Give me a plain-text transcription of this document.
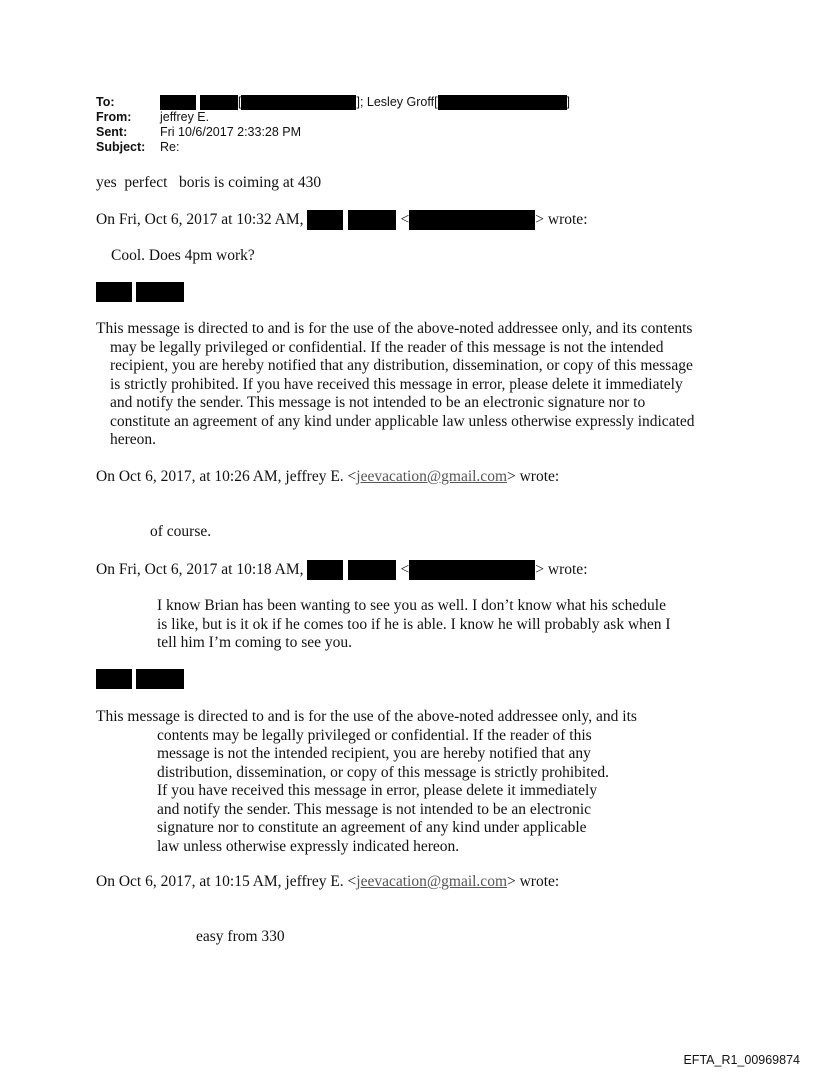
To:	[	]; Lesley Groff[	]
From:	jeffrey E.
Sent:	Fri 10/6/2017 2:33:28 PM
Subject:	Re:
yes  perfect   boris is coiming at 430
On Fri, Oct 6, 2017 at 10:32 AM,	<	> wrote:
Cool. Does 4pm work?
This message is directed to and is for the use of the above-noted addressee only, and its contents
may be legally privileged or confidential. If the reader of this message is not the intended recipient, you are hereby notified that any distribution, dissemination, or copy of this message is strictly prohibited. If you have received this message in error, please delete it immediately and notify the sender. This message is not intended to be an electronic signature nor to constitute an agreement of any kind under applicable law unless otherwise expressly indicated hereon.
On Oct 6, 2017, at 10:26 AM, jeffrey E. <jeevacation@gmail.com> wrote:
of course.
On Fri, Oct 6, 2017 at 10:18 AM,	<	> wrote:
I know Brian has been wanting to see you as well. I don’t know what his schedule is like, but is it ok if he comes too if he is able. I know he will probably ask when I tell him I’m coming to see you.
This message is directed to and is for the use of the above-noted addressee only, and its
contents may be legally privileged or confidential. If the reader of this message is not the intended recipient, you are hereby notified that any distribution, dissemination, or copy of this message is strictly prohibited. If you have received this message in error, please delete it immediately and notify the sender. This message is not intended to be an electronic signature nor to constitute an agreement of any kind under applicable law unless otherwise expressly indicated hereon.
On Oct 6, 2017, at 10:15 AM, jeffrey E. <jeevacation@gmail.com> wrote:
easy from 330
EFTA_R1_00969874
